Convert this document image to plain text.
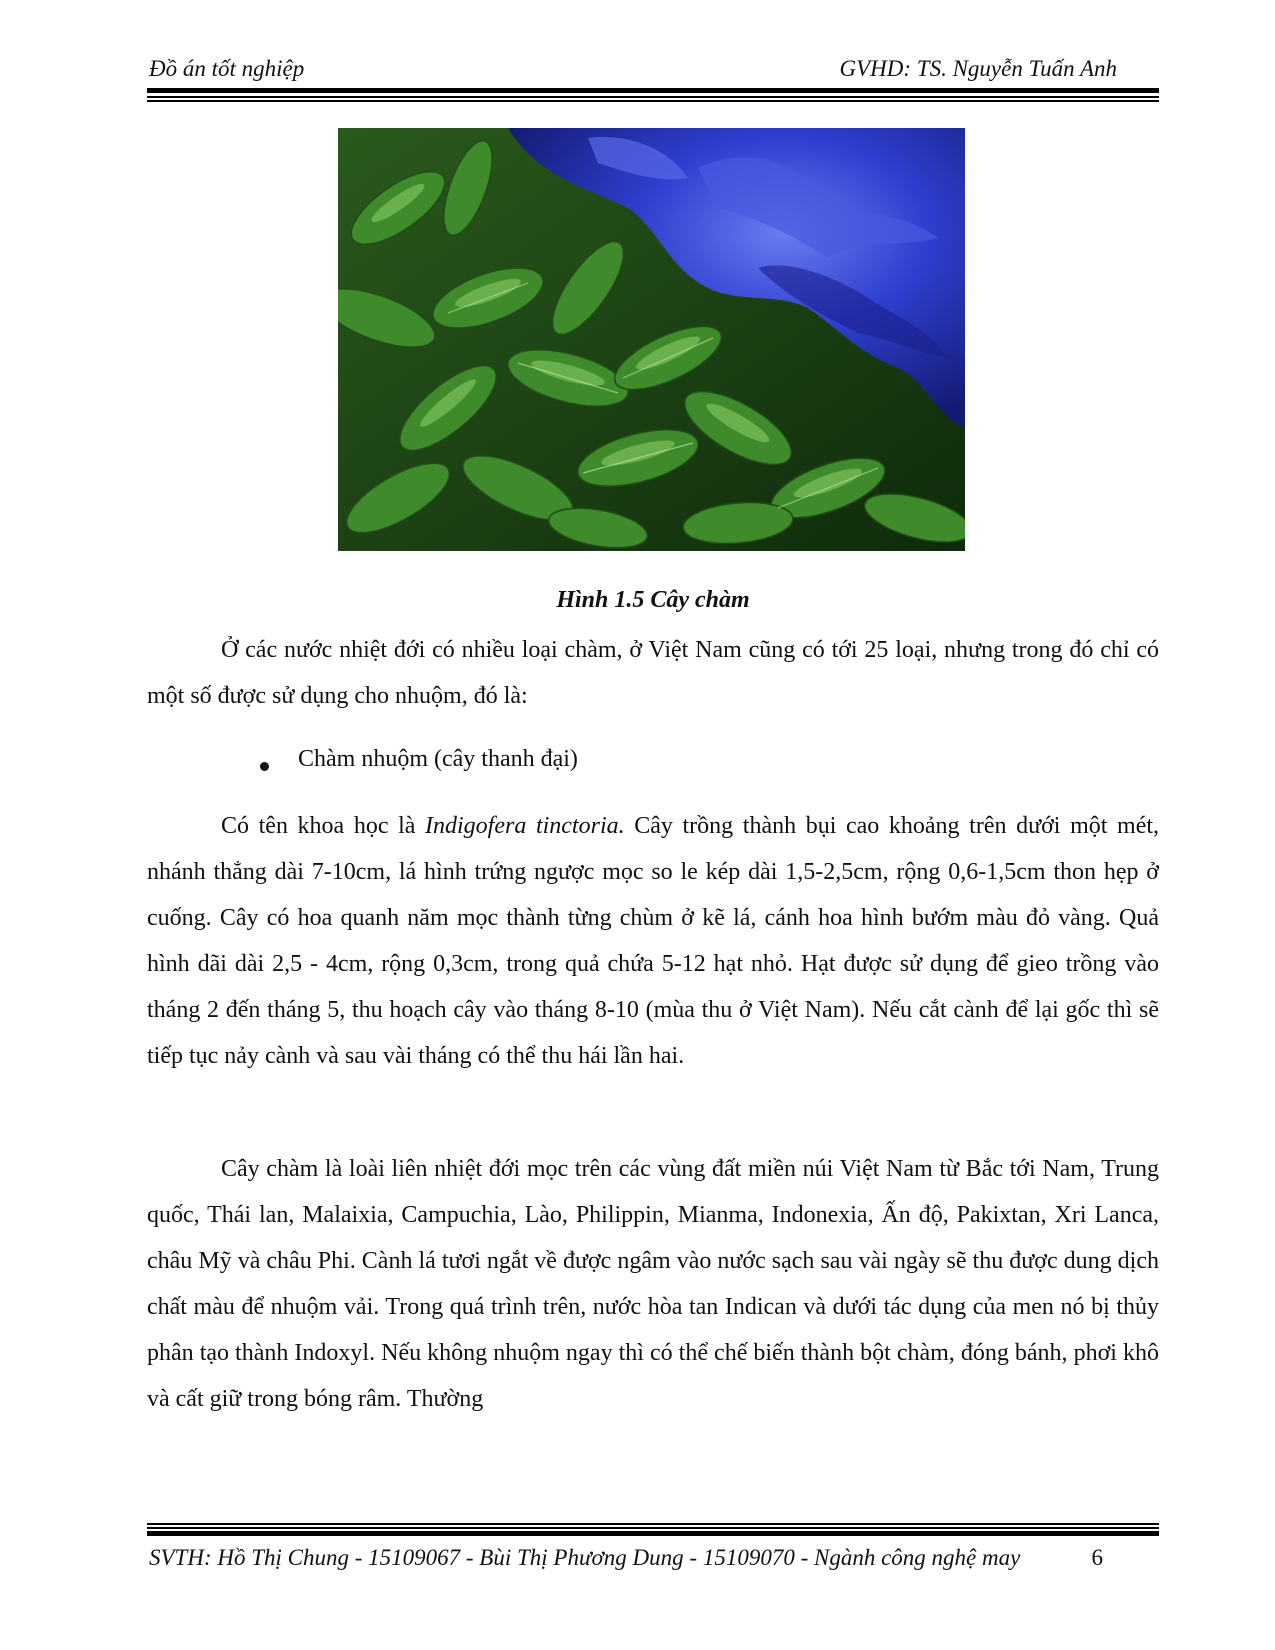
Đồ án tốt nghiệp	GVHD: TS. Nguyễn Tuấn Anh
Hình 1.5 Cây chàm
Ở các nước nhiệt đới có nhiều loại chàm, ở Việt Nam cũng có tới 25 loại, nhưng trong đó chỉ có một số được sử dụng cho nhuộm, đó là:
Chàm nhuộm (cây thanh đại)
Có tên khoa học là Indigofera tinctoria. Cây trồng thành bụi cao khoảng trên dưới một mét, nhánh thẳng dài 7-10cm, lá hình trứng ngược mọc so le kép dài 1,5-2,5cm, rộng 0,6-1,5cm thon hẹp ở cuống. Cây có hoa quanh năm mọc thành từng chùm ở kẽ lá, cánh hoa hình bướm màu đỏ vàng. Quả hình dãi dài 2,5 - 4cm, rộng 0,3cm, trong quả chứa 5-12 hạt nhỏ. Hạt được sử dụng để gieo trồng vào tháng 2 đến tháng 5, thu hoạch cây vào tháng 8-10 (mùa thu ở Việt Nam). Nếu cắt cành để lại gốc thì sẽ tiếp tục nảy cành và sau vài tháng có thể thu hái lần hai.
Cây chàm là loài liên nhiệt đới mọc trên các vùng đất miền núi Việt Nam từ Bắc tới Nam, Trung quốc, Thái lan, Malaixia, Campuchia, Lào, Philippin, Mianma, Indonexia, Ấn độ, Pakixtan, Xri Lanca, châu Mỹ và châu Phi. Cành lá tươi ngắt về được ngâm vào nước sạch sau vài ngày sẽ thu được dung dịch chất màu để nhuộm vải. Trong quá trình trên, nước hòa tan Indican và dưới tác dụng của men nó bị thủy phân tạo thành Indoxyl. Nếu không nhuộm ngay thì có thể chế biến thành bột chàm, đóng bánh, phơi khô và cất giữ trong bóng râm. Thường
SVTH: Hồ Thị Chung - 15109067 - Bùi Thị Phương Dung - 15109070 - Ngành công nghệ may	6
